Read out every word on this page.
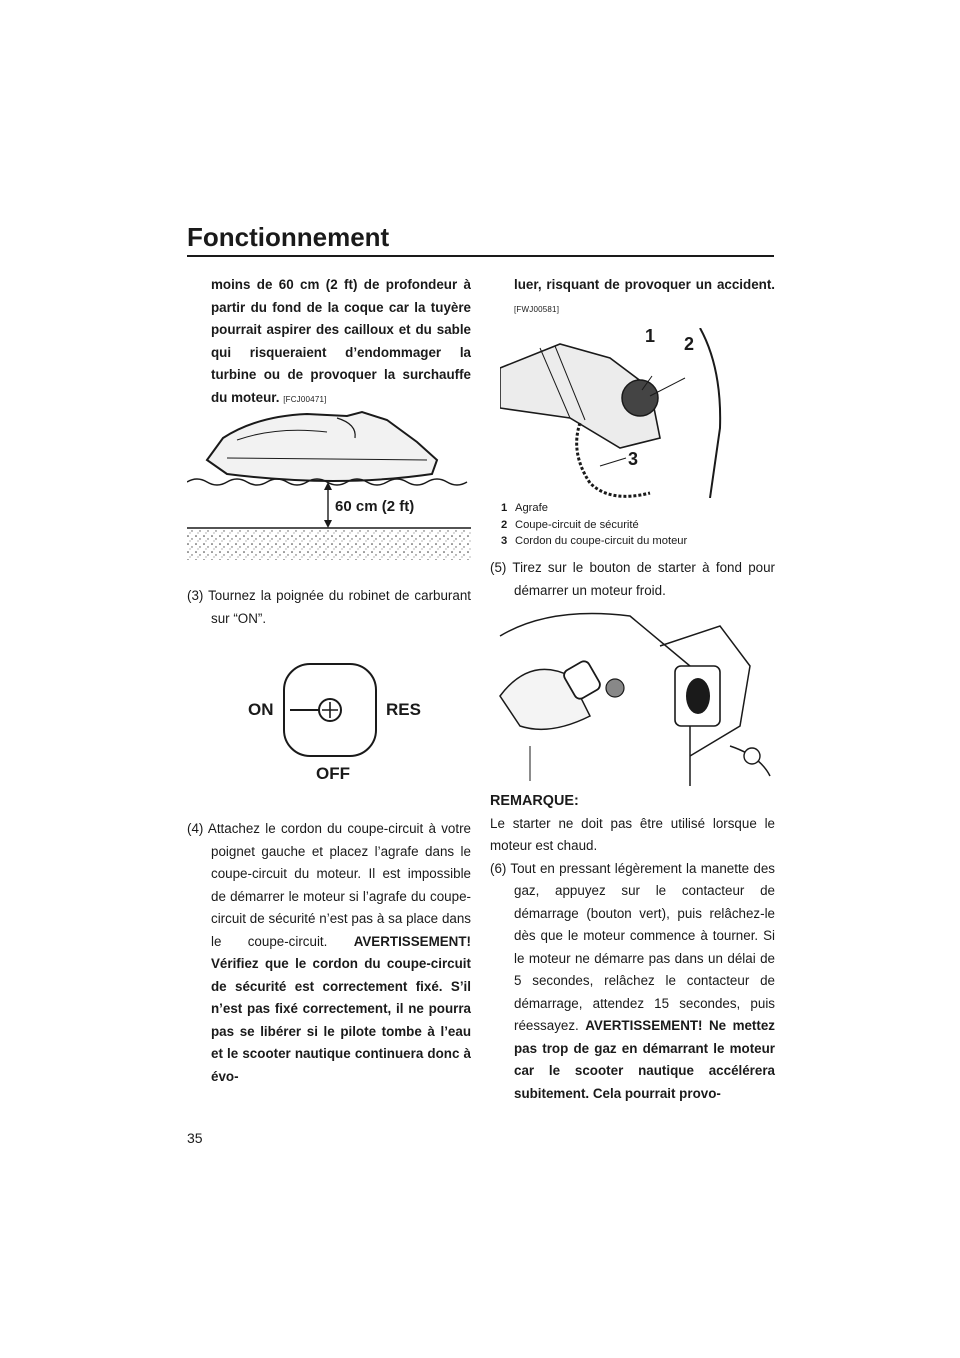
Fonctionnement

moins de 60 cm (2 ft) de profondeur à partir du fond de la coque car la tuyère pourrait aspirer des cailloux et du sable qui risqueraient d’endommager la turbine ou de provoquer la surchauffe du moteur. [FCJ00471]

60 cm (2 ft)

(3) Tournez la poignée du robinet de carburant sur “ON”.

ON	RES
OFF

(4) Attachez le cordon du coupe-circuit à votre poignet gauche et placez l’agrafe dans le coupe-circuit du moteur. Il est impossible de démarrer le moteur si l’agrafe du coupe-circuit de sécurité n’est pas à sa place dans le coupe-circuit. AVERTISSEMENT! Vérifiez que le cordon du coupe-circuit de sécurité est correctement fixé. S’il n’est pas fixé correctement, il ne pourra pas se libérer si le pilote tombe à l’eau et le scooter nautique continuera donc à évo-

luer, risquant de provoquer un accident. [FWJ00581]

1 2
3
1 Agrafe
2 Coupe-circuit de sécurité
3 Cordon du coupe-circuit du moteur

(5) Tirez sur le bouton de starter à fond pour démarrer un moteur froid.

REMARQUE:

Le starter ne doit pas être utilisé lorsque le moteur est chaud.

(6) Tout en pressant légèrement la manette des gaz, appuyez sur le contacteur de démarrage (bouton vert), puis relâchez-le dès que le moteur commence à tourner. Si le moteur ne démarre pas dans un délai de 5 secondes, relâchez le contacteur de démarrage, attendez 15 secondes, puis réessayez. AVERTISSEMENT! Ne mettez pas trop de gaz en démarrant le moteur car le scooter nautique accélérera subitement. Cela pourrait provo-

35
